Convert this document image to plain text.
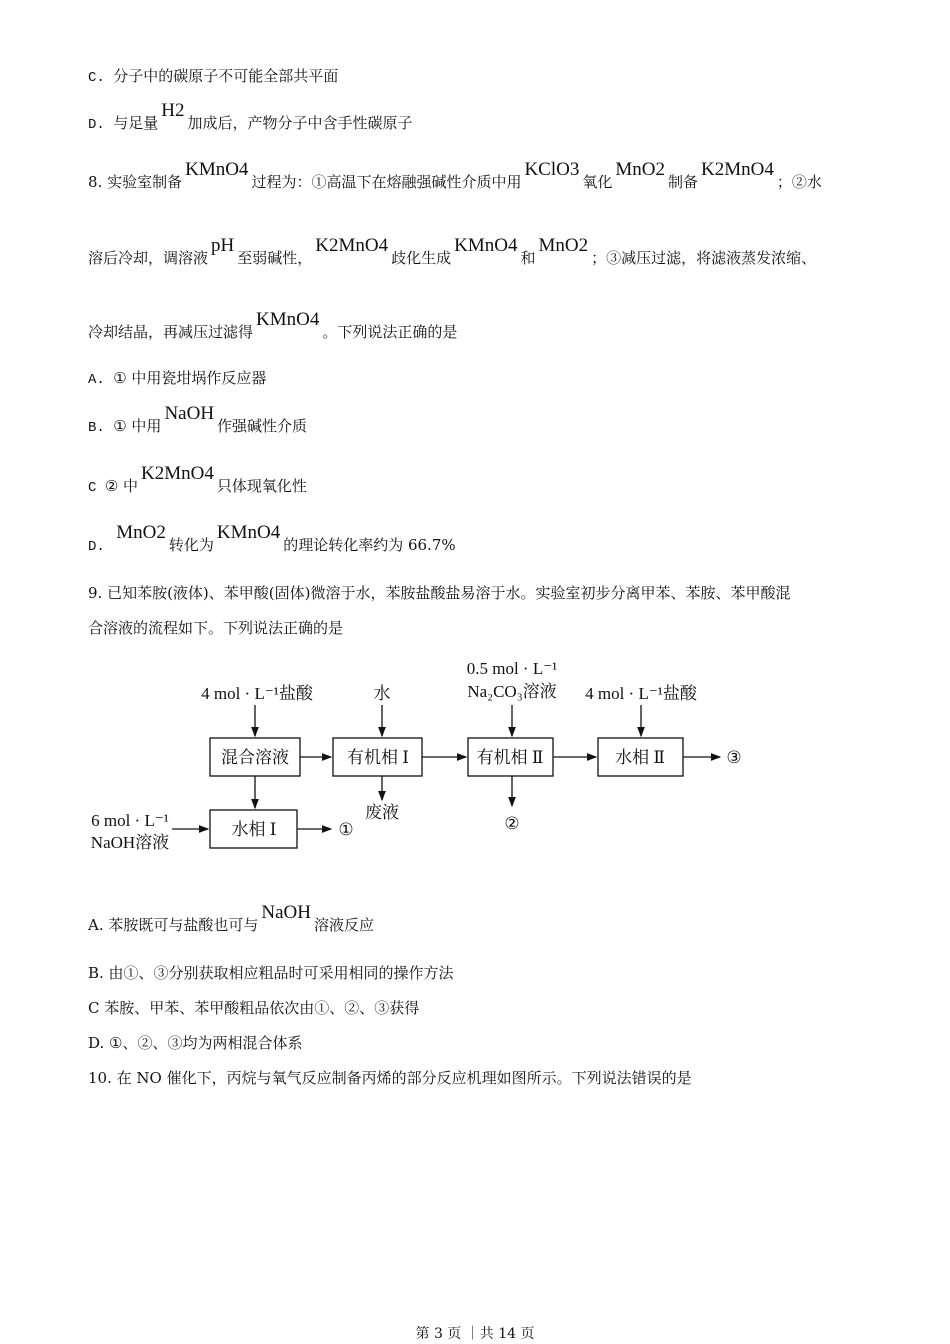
C. 分子中的碳原子不可能全部共平面
D. 与足量H2加成后，产物分子中含手性碳原子
8. 实验室制备KMnO4过程为：①高温下在熔融强碱性介质中用KClO3氧化MnO2制备K2MnO4；②水
溶后冷却，调溶液pH至弱碱性，K2MnO4歧化生成KMnO4和MnO2；③减压过滤，将滤液蒸发浓缩、
冷却结晶，再减压过滤得KMnO4。下列说法正确的是
A. ① 中用瓷坩埚作反应器
B. ① 中用NaOH作强碱性介质
C ② 中K2MnO4只体现氧化性
D. MnO2转化为KMnO4的理论转化率约为 66.7%
9. 已知苯胺(液体)、苯甲酸(固体)微溶于水，苯胺盐酸盐易溶于水。实验室初步分离甲苯、苯胺、苯甲酸混
合溶液的流程如下。下列说法正确的是
A. 苯胺既可与盐酸也可与NaOH溶液反应
B. 由①、③分别获取相应粗品时可采用相同的操作方法
C 苯胺、甲苯、苯甲酸粗品依次由①、②、③获得
D. ①、②、③均为两相混合体系
10. 在 NO 催化下，丙烷与氧气反应制备丙烯的部分反应机理如图所示。下列说法错误的是
4 mol · L⁻¹盐酸	水
0.5 mol · L⁻¹
Na₂CO₃溶液 4 mol · L⁻¹盐酸
混合溶液	有机相 Ⅰ	有机相 Ⅱ	水相 Ⅱ
水相 Ⅰ
废液
6 mol · L⁻¹
NaOH溶液
①	②
③
第 3 页 ｜共 14 页
